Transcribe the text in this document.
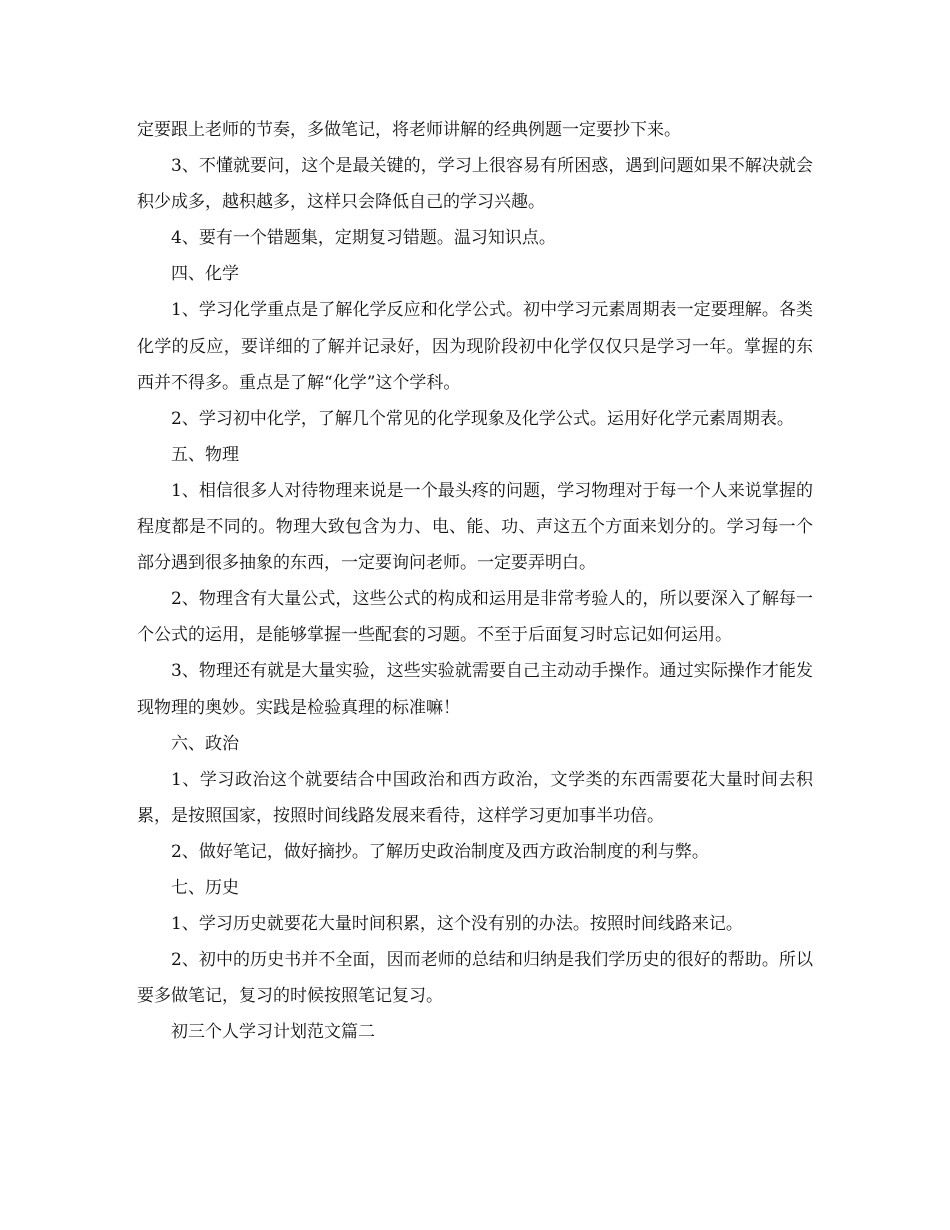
定要跟上老师的节奏，多做笔记，将老师讲解的经典例题一定要抄下来。

3、不懂就要问，这个是最关键的，学习上很容易有所困惑，遇到问题如果不解决就会积少成多，越积越多，这样只会降低自己的学习兴趣。

4、要有一个错题集，定期复习错题。温习知识点。

四、化学

1、学习化学重点是了解化学反应和化学公式。初中学习元素周期表一定要理解。各类化学的反应，要详细的了解并记录好，因为现阶段初中化学仅仅只是学习一年。掌握的东西并不得多。重点是了解“化学”这个学科。

2、学习初中化学，了解几个常见的化学现象及化学公式。运用好化学元素周期表。

五、物理

1、相信很多人对待物理来说是一个最头疼的问题，学习物理对于每一个人来说掌握的程度都是不同的。物理大致包含为力、电、能、功、声这五个方面来划分的。学习每一个部分遇到很多抽象的东西，一定要询问老师。一定要弄明白。

2、物理含有大量公式，这些公式的构成和运用是非常考验人的，所以要深入了解每一个公式的运用，是能够掌握一些配套的习题。不至于后面复习时忘记如何运用。

3、物理还有就是大量实验，这些实验就需要自己主动动手操作。通过实际操作才能发现物理的奥妙。实践是检验真理的标准嘛！

六、政治

1、学习政治这个就要结合中国政治和西方政治，文学类的东西需要花大量时间去积累，是按照国家，按照时间线路发展来看待，这样学习更加事半功倍。

2、做好笔记，做好摘抄。了解历史政治制度及西方政治制度的利与弊。

七、历史

1、学习历史就要花大量时间积累，这个没有别的办法。按照时间线路来记。

2、初中的历史书并不全面，因而老师的总结和归纳是我们学历史的很好的帮助。所以要多做笔记，复习的时候按照笔记复习。

初三个人学习计划范文篇二
